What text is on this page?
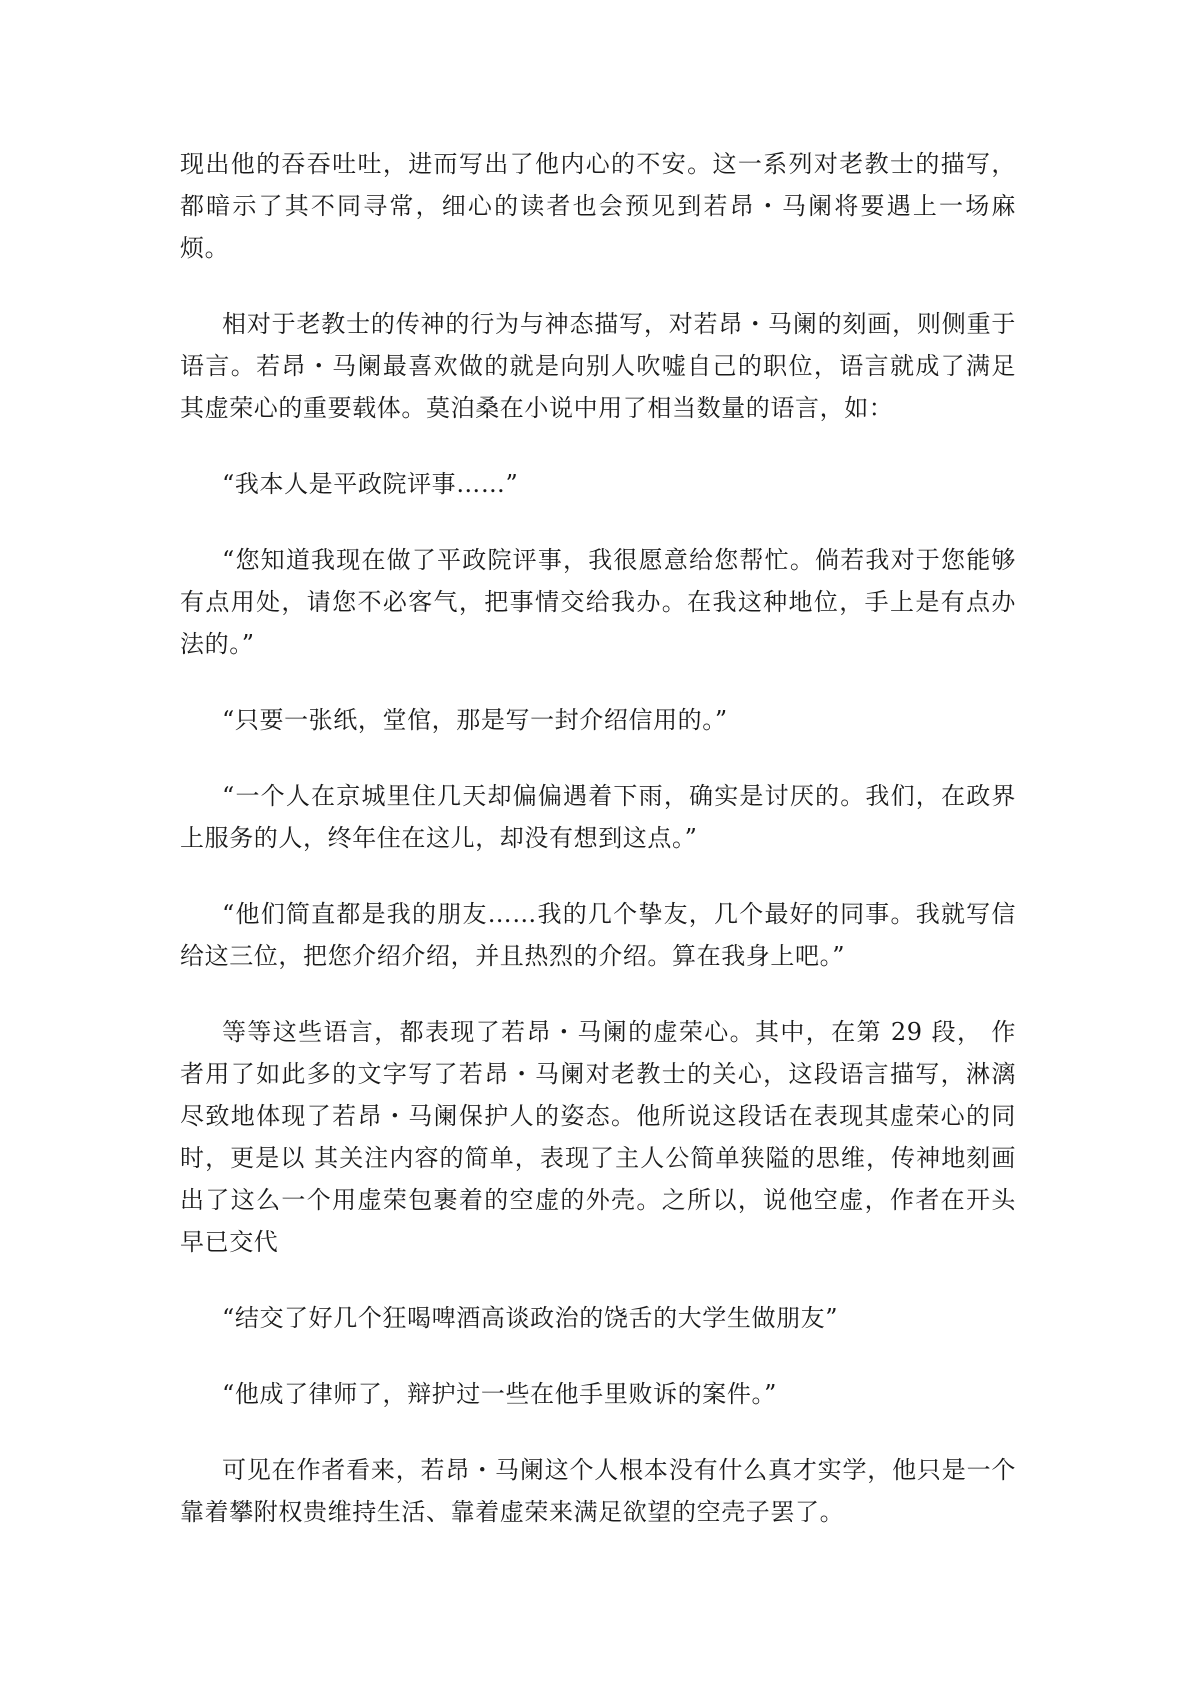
现出他的吞吞吐吐，进而写出了他内心的不安。这一系列对老教士的描写，都暗示了其不同寻常，细心的读者也会预见到若昂・马阑将要遇上一场麻烦。

相对于老教士的传神的行为与神态描写，对若昂・马阑的刻画，则侧重于语言。若昂・马阑最喜欢做的就是向别人吹嘘自己的职位，语言就成了满足其虚荣心的重要载体。莫泊桑在小说中用了相当数量的语言，如：

“我本人是平政院评事……”

“您知道我现在做了平政院评事，我很愿意给您帮忙。倘若我对于您能够有点用处，请您不必客气，把事情交给我办。在我这种地位，手上是有点办法的。”

“只要一张纸，堂倌，那是写一封介绍信用的。”

“一个人在京城里住几天却偏偏遇着下雨，确实是讨厌的。我们，在政界上服务的人，终年住在这儿，却没有想到这点。”

“他们简直都是我的朋友……我的几个挚友，几个最好的同事。我就写信给这三位，把您介绍介绍，并且热烈的介绍。算在我身上吧。”

等等这些语言，都表现了若昂・马阑的虚荣心。其中，在第 29 段， 作者用了如此多的文字写了若昂・马阑对老教士的关心，这段语言描写，淋漓尽致地体现了若昂・马阑保护人的姿态。他所说这段话在表现其虚荣心的同时，更是以 其关注内容的简单，表现了主人公简单狭隘的思维，传神地刻画出了这么一个用虚荣包裹着的空虚的外壳。之所以，说他空虚，作者在开头早已交代

“结交了好几个狂喝啤酒高谈政治的饶舌的大学生做朋友”

“他成了律师了，辩护过一些在他手里败诉的案件。”

可见在作者看来，若昂・马阑这个人根本没有什么真才实学，他只是一个靠着攀附权贵维持生活、靠着虚荣来满足欲望的空壳子罢了。
